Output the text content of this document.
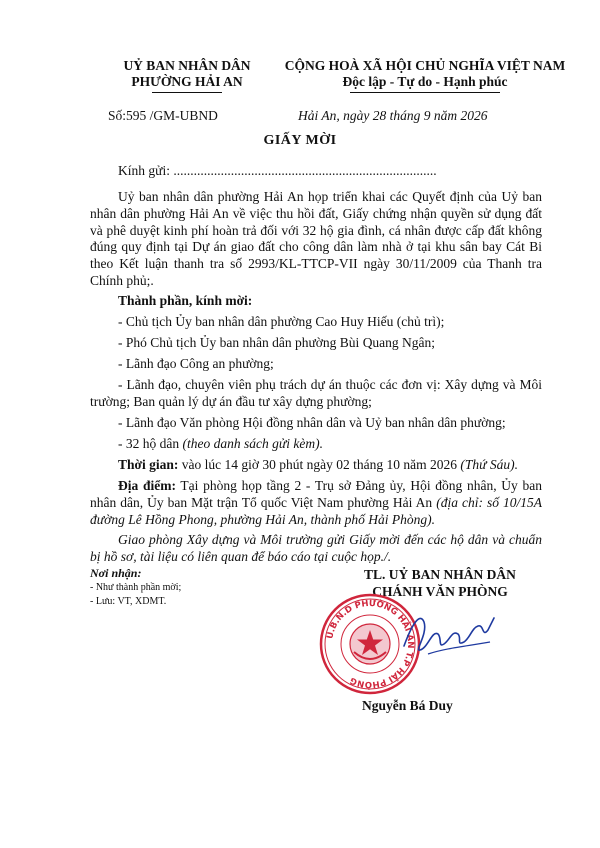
UỶ BAN NHÂN DÂN
PHƯỜNG HẢI AN
CỘNG HOÀ XÃ HỘI CHỦ NGHĨA VIỆT NAM
Độc lập - Tự do - Hạnh phúc
Số:595 /GM-UBND	Hải An, ngày 28 tháng 9 năm 2026
GIẤY MỜI
Kính gửi: ..............................................................................
Uỷ ban nhân dân phường Hải An họp triển khai các Quyết định của Uỷ ban nhân dân phường Hải An về việc thu hồi đất, Giấy chứng nhận quyền sử dụng đất và phê duyệt kinh phí hoàn trả đối với 32 hộ gia đình, cá nhân được cấp đất không đúng quy định tại Dự án giao đất cho công dân làm nhà ở tại khu sân bay Cát Bi theo Kết luận thanh tra số 2993/KL-TTCP-VII ngày 30/11/2009 của Thanh tra Chính phủ;.
Thành phần, kính mời:
- Chủ tịch Ủy ban nhân dân phường Cao Huy Hiếu (chủ trì);
- Phó Chủ tịch Ủy ban nhân dân phường Bùi Quang Ngân;
- Lãnh đạo Công an phường;
- Lãnh đạo, chuyên viên phụ trách dự án thuộc các đơn vị: Xây dựng và Môi trường; Ban quản lý dự án đầu tư xây dựng phường;
- Lãnh đạo Văn phòng Hội đồng nhân dân và Uỷ ban nhân dân phường;
- 32 hộ dân (theo danh sách gửi kèm).
Thời gian: vào lúc 14 giờ 30 phút ngày 02 tháng 10 năm 2026 (Thứ Sáu).
Địa điểm: Tại phòng họp tầng 2 - Trụ sở Đảng ủy, Hội đồng nhân, Ủy ban nhân dân, Ủy ban Mặt trận Tổ quốc Việt Nam phường Hải An (địa chỉ: số 10/15A đường Lê Hồng Phong, phường Hải An, thành phố Hải Phòng).
Giao phòng Xây dựng và Môi trường gửi Giấy mời đến các hộ dân và chuẩn bị hồ sơ, tài liệu có liên quan để báo cáo tại cuộc họp./.
Nơi nhận:
- Như thành phần mời;
- Lưu: VT, XDMT.
TL. UỶ BAN NHÂN DÂN
CHÁNH VĂN PHÒNG
U.B.N.D PHƯỜNG HẢI AN T.P HẢI PHÒNG
Nguyễn Bá Duy
